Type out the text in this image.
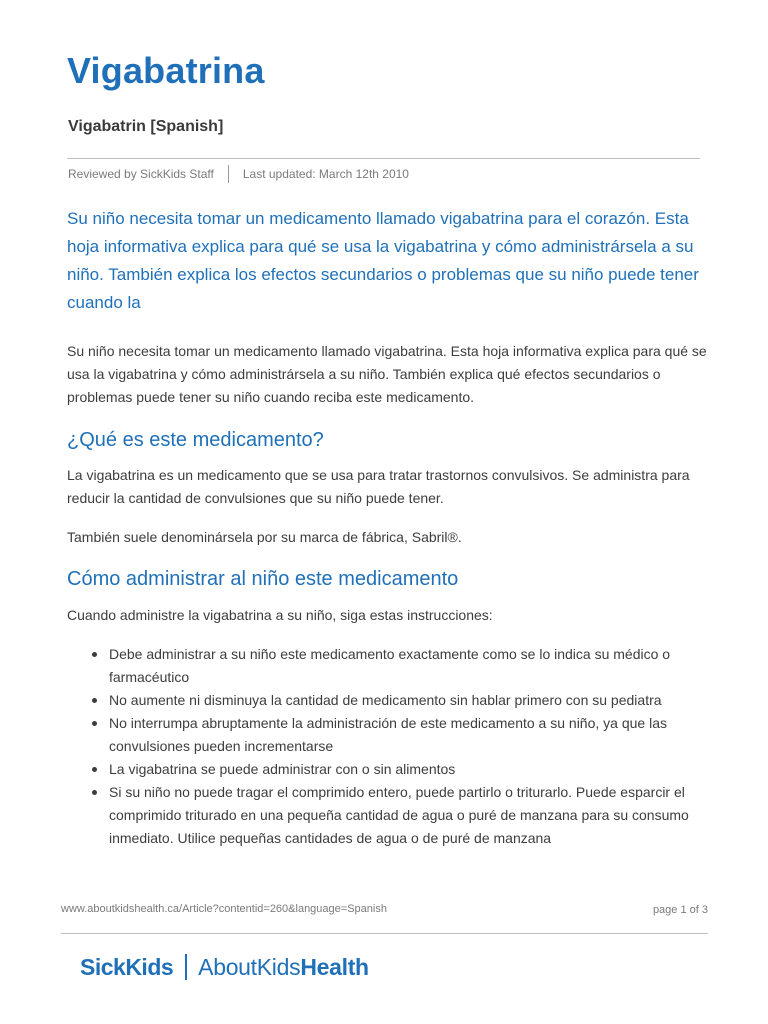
Vigabatrina
Vigabatrin [Spanish]
Reviewed by SickKids Staff Last updated: March 12th 2010

Su niño necesita tomar un medicamento llamado vigabatrina para el corazón. Esta hoja informativa explica para qué se usa la vigabatrina y cómo administrársela a su niño. También explica los efectos secundarios o problemas que su niño puede tener cuando la

Su niño necesita tomar un medicamento llamado vigabatrina. Esta hoja informativa explica para qué se usa la vigabatrina y cómo administrársela a su niño. También explica qué efectos secundarios o problemas puede tener su niño cuando reciba este medicamento.

¿Qué es este medicamento?

La vigabatrina es un medicamento que se usa para tratar trastornos convulsivos. Se administra para reducir la cantidad de convulsiones que su niño puede tener.

También suele denominársela por su marca de fábrica, Sabril®.

Cómo administrar al niño este medicamento

Cuando administre la vigabatrina a su niño, siga estas instrucciones:

Debe administrar a su niño este medicamento exactamente como se lo indica su médico o farmacéutico
No aumente ni disminuya la cantidad de medicamento sin hablar primero con su pediatra
No interrumpa abruptamente la administración de este medicamento a su niño, ya que las convulsiones pueden incrementarse
La vigabatrina se puede administrar con o sin alimentos
Si su niño no puede tragar el comprimido entero, puede partirlo o triturarlo. Puede esparcir el comprimido triturado en una pequeña cantidad de agua o puré de manzana para su consumo inmediato. Utilice pequeñas cantidades de agua o de puré de manzana
www.aboutkidshealth.ca/Article?contentid=260&language=Spanish	page 1 of 3
SickKids AboutKids Health
